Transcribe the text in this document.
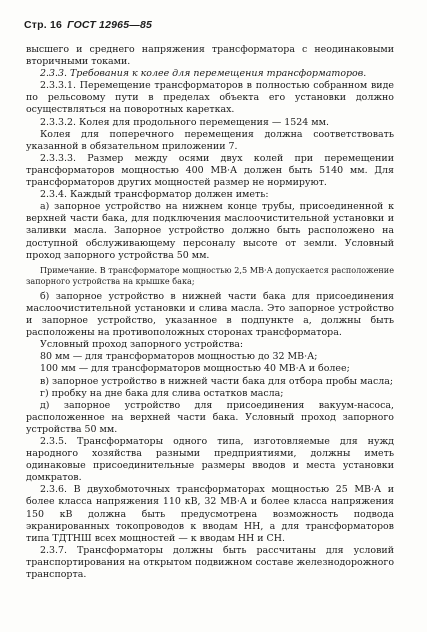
Стр. 16 ГОСТ 12965—85

высшего и среднего напряжения трансформатора с неодинаковыми вторичными токами.

2.3.3. Требования к колее для перемещения трансформаторов.

2.3.3.1. Перемещение трансформаторов в полностью собранном виде по рельсовому пути в пределах объекта его установки должно осуществляться на поворотных каретках.

2.3.3.2. Колея для продольного перемещения — 1524 мм.

Колея для поперечного перемещения должна соответствовать указанной в обязательном приложении 7.

2.3.3.3. Размер между осями двух колей при перемещении трансформаторов мощностью 400 МВ·А должен быть 5140 мм. Для трансформаторов других мощностей размер не нормируют.

2.3.4. Каждый трансформатор должен иметь:

а) запорное устройство на нижнем конце трубы, присоединенной к верхней части бака, для подключения маслоочистительной установки и заливки масла. Запорное устройство должно быть расположено на доступной обслуживающему персоналу высоте от земли. Условный проход запорного устройства 50 мм.

Примечание. В трансформаторе мощностью 2,5 МВ·А допускается расположение запорного устройства на крышке бака;

б) запорное устройство в нижней части бака для присоединения маслоочистительной установки и слива масла. Это запорное устройство и запорное устройство, указанное в подпункте а, должны быть расположены на противоположных сторонах трансформатора.

Условный проход запорного устройства:

80 мм — для трансформаторов мощностью до 32 МВ·А;

100 мм — для трансформаторов мощностью 40 МВ·А и более;

в) запорное устройство в нижней части бака для отбора пробы масла;

г) пробку на дне бака для слива остатков масла;

д) запорное устройство для присоединения вакуум-насоса, расположенное на верхней части бака. Условный проход запорного устройства 50 мм.

2.3.5. Трансформаторы одного типа, изготовляемые для нужд народного хозяйства разными предприятиями, должны иметь одинаковые присоединительные размеры вводов и места установки домкратов.

2.3.6. В двухобмоточных трансформаторах мощностью 25 МВ·А и более класса напряжения 110 кВ, 32 МВ·А и более класса напряжения 150 кВ должна быть предусмотрена возможность подвода экранированных токопроводов к вводам НН, а для трансформаторов типа ТДТНШ всех мощностей — к вводам НН и СН.

2.3.7. Трансформаторы должны быть рассчитаны для условий транспортирования на открытом подвижном составе железнодорожного транспорта.
